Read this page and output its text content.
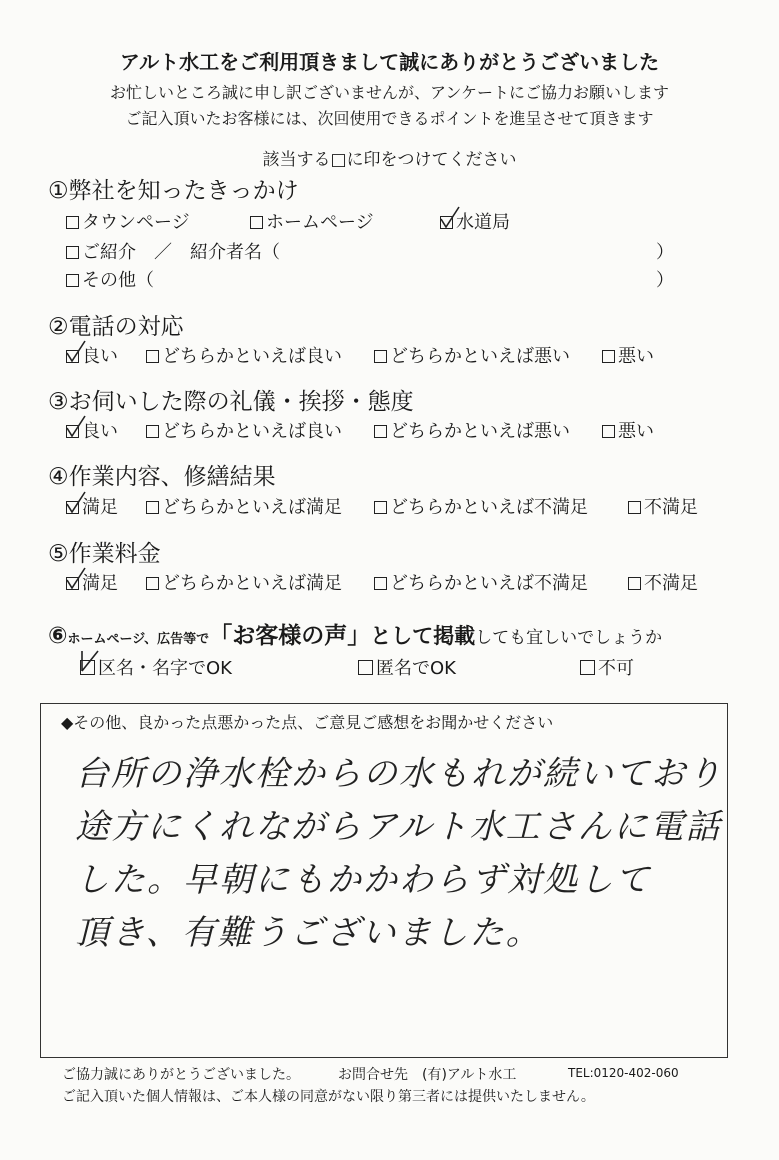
アルト水工をご利用頂きまして誠にありがとうございました
お忙しいところ誠に申し訳ございませんが、アンケートにご協力お願いします
ご記入頂いたお客様には、次回使用できるポイントを進呈させて頂きます
該当する□に印をつけてください
①弊社を知ったきっかけ
タウンページ	ホームページ	水道局
ご紹介　／　紹介者名（	）
その他（	）
②電話の対応
良い	どちらかといえば良い	どちらかといえば悪い	悪い
③お伺いした際の礼儀・挨拶・態度
良い	どちらかといえば良い	どちらかといえば悪い	悪い
④作業内容、修繕結果
満足	どちらかといえば満足	どちらかといえば不満足	不満足
⑤作業料金
満足	どちらかといえば満足	どちらかといえば不満足	不満足
⑥ホームページ、広告等で「お客様の声」として掲載しても宜しいでしょうか
区名・名字でOK	匿名でOK	不可
◆その他、良かった点悪かった点、ご意見ご感想をお聞かせください
台所の浄水栓からの水もれが続いており
途方にくれながらアルト水工さんに電話
した。早朝にもかかわらず対処して
頂き、有難うございました。
ご協力誠にありがとうございました。	お問合せ先　(有)アルト水工	TEL:0120-402-060
ご記入頂いた個人情報は、ご本人様の同意がない限り第三者には提供いたしません。
